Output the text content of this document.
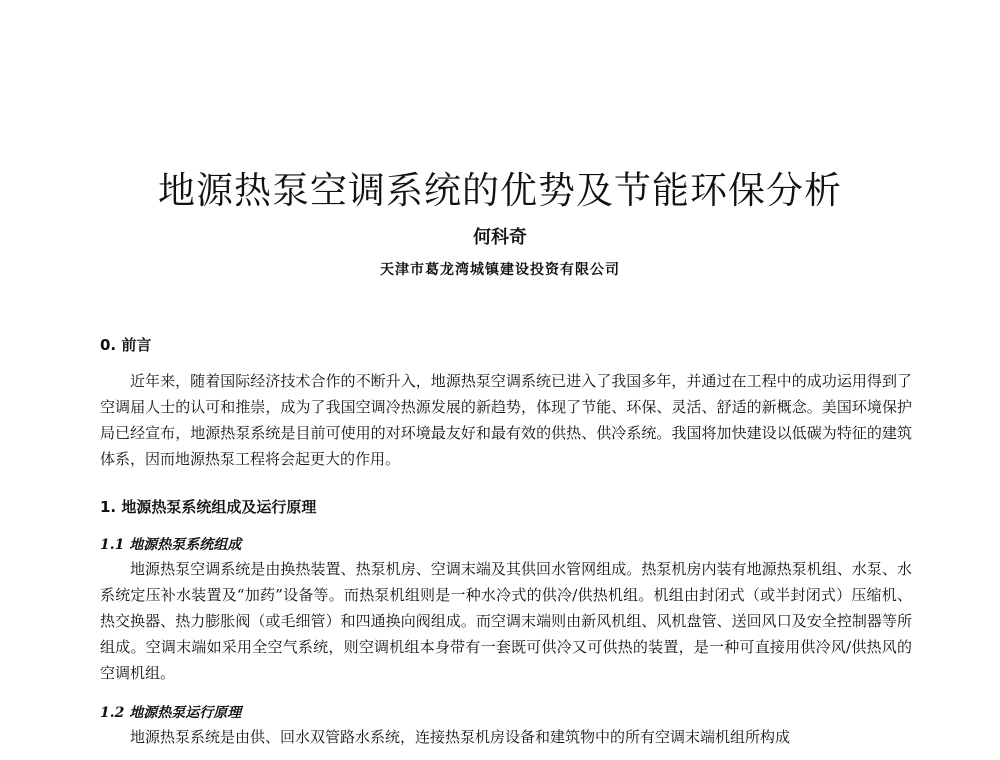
地源热泵空调系统的优势及节能环保分析
何科奇
天津市葛龙湾城镇建设投资有限公司
0. 前言

近年来，随着国际经济技术合作的不断升入，地源热泵空调系统已进入了我国多年，并通过在工程中的成功运用得到了空调届人士的认可和推崇，成为了我国空调冷热源发展的新趋势，体现了节能、环保、灵活、舒适的新概念。美国环境保护局已经宣布，地源热泵系统是目前可使用的对环境最友好和最有效的供热、供冷系统。我国将加快建设以低碳为特征的建筑体系，因而地源热泵工程将会起更大的作用。

1. 地源热泵系统组成及运行原理
1.1 地源热泵系统组成

地源热泵空调系统是由换热装置、热泵机房、空调末端及其供回水管网组成。热泵机房内装有地源热泵机组、水泵、水系统定压补水装置及“加药”设备等。而热泵机组则是一种水冷式的供冷/供热机组。机组由封闭式（或半封闭式）压缩机、热交换器、热力膨胀阀（或毛细管）和四通换向阀组成。而空调末端则由新风机组、风机盘管、送回风口及安全控制器等所组成。空调末端如采用全空气系统，则空调机组本身带有一套既可供冷又可供热的装置，是一种可直接用供冷风/供热风的空调机组。

1.2 地源热泵运行原理

地源热泵系统是由供、回水双管路水系统，连接热泵机房设备和建筑物中的所有空调末端机组所构成
